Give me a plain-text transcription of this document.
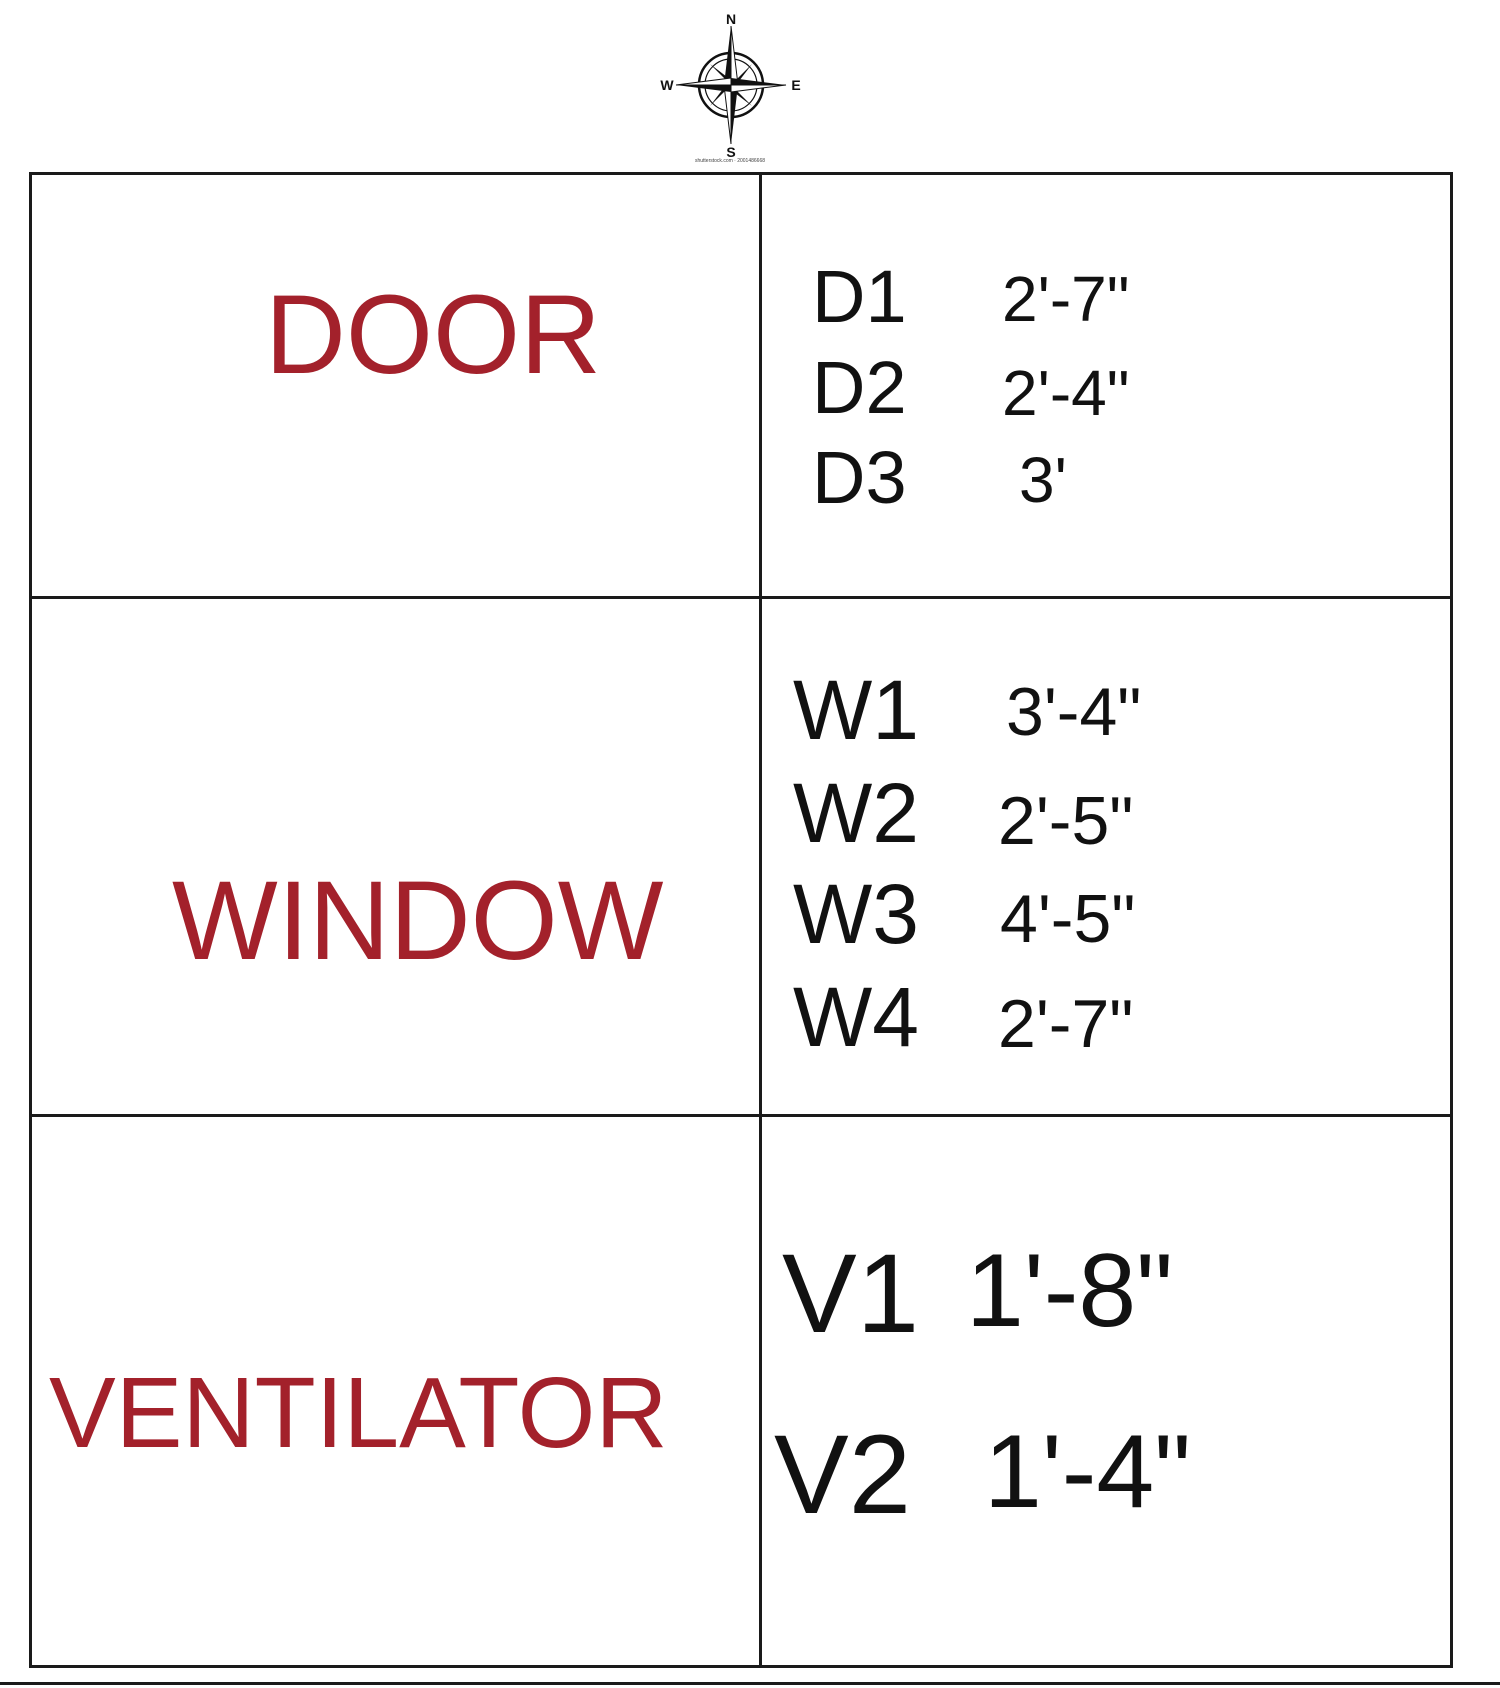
N
S
W	E
shutterstock.com · 2001486668
DOOR	D1 2'-7"
D2 2'-4"
D3 3'
WINDOW
W1 3'-4"
W2 2'-5"
W3 4'-5"
W4 2'-7"
VENTILATOR
V1 1'-8"
V2 1'-4"
